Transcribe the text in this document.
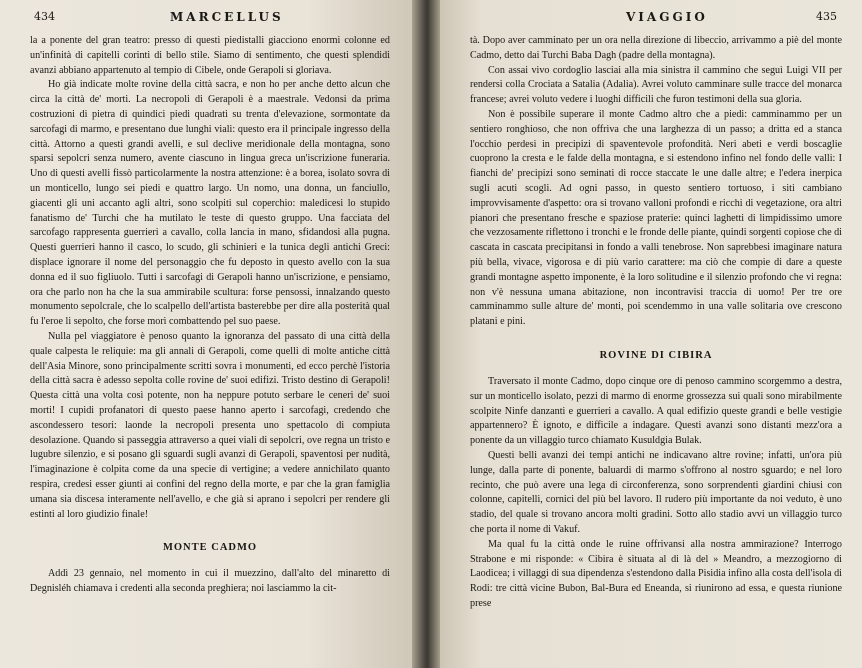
434	MARCELLUS

la a ponente del gran teatro: presso di questi piedistalli giacciono enormi colonne ed un'infinità di capitelli corinti di bello stile. Siamo di sentimento, che questi splendidi avanzi abbiano appartenuto al tempio di Cibele, onde Gerapoli si gloriava.

Ho già indicate molte rovine della città sacra, e non ho per anche detto alcun che circa la città de' morti. La necropoli di Gerapoli è a maestrale. Vedonsi da prima costruzioni di pietra di quindici piedi quadrati su trenta d'elevazione, sormontate da sarcofagi di marmo, e presentano due lunghi viali: questo era il principale ingresso della città. Attorno a questi grandi avelli, e sul declive meridionale della montagna, sono sparsi sepolcri senza numero, avente ciascuno in lingua greca un'iscrizione funeraria. Uno di questi avelli fissò particolarmente la nostra attenzione: è a borea, isolato sovra di un monticello, lungo sei piedi e quattro largo. Un nomo, una donna, un fanciullo, giacenti gli uni accanto agli altri, sono scolpiti sul coperchio: maledicesi lo stupido fanatismo de' Turchi che ha mutilato le teste di questo gruppo. Una facciata del sarcofago rappresenta guerrieri a cavallo, colla lancia in mano, sfidandosi alla pugna. Questi guerrieri hanno il casco, lo scudo, gli schinieri e la tunica degli antichi Greci: displace ignorare il nome del personaggio che fu deposto in questo avello con la sua donna ed il suo figliuolo. Tutti i sarcofagi di Gerapoli hanno un'iscrizione, e pensiamo, ora che parlo non ha che la sua ammirabile scultura: forse pensossi, innalzando questo monumento sepolcrale, che lo scalpello dell'artista basterebbe per dire alla posterità qual fu l'eroe li sepolto, che forse morì combattendo pel suo paese.

Nulla pel viaggiatore è penoso quanto la ignoranza del passato di una città della quale calpesta le reliquie: ma gli annali di Gerapoli, come quelli di molte antiche città dell'Asia Minore, sono principalmente scritti sovra i monumenti, ed ecco perchè l'istoria della città sacra è adesso sepolta colle rovine de' suoi edifizi. Tristo destino di Gerapoli! Questa città una volta così potente, non ha neppure potuto serbare le ceneri de' suoi morti! I cupidi profanatori di questo paese hanno aperto i sarcofagi, credendo che ascondessero tesori: laonde la necropoli presenta uno spettacolo di compiuta desolazione. Quando si passeggia attraverso a quei viali di sepolcri, ove regna un tristo e lugubre silenzio, e si posano gli sguardi sugli avanzi di Gerapoli, spaventosi per nudità, l'imaginazione è colpita come da una specie di vertigine; a vedere annichilato quanto respira, credesi esser giunti ai confini del regno della morte, e par che la gran famiglia umana sia discesa interamente nell'avello, e che già si aprano i sepolcri per rendere gli estinti al loro giudizio finale!

MONTE CADMO

Addì 23 gennaio, nel momento in cui il muezzino, dall'alto del minaretto di Degnisléh chiamava i credenti alla seconda preghiera; noi lasciammo la cit-

VIAGGIO	435

tà. Dopo aver camminato per un ora nella direzione di libeccio, arrivammo a piè del monte Cadmo, detto dai Turchi Baba Dagh (padre della montagna).

Con assai vivo cordoglio lasciai alla mia sinistra il cammino che seguì Luigi VII per rendersi colla Crociata a Satalia (Adalia). Avrei voluto camminare sulle tracce del monarca francese; avrei voluto vedere i luoghi difficili che furon testimoni della sua gloria.

Non è possibile superare il monte Cadmo altro che a piedi: camminammo per un sentiero ronghioso, che non offriva che una larghezza di un passo; a dritta ed a stanca l'occhio perdesi in precipizi di spaventevole profondità. Neri abeti e verdi boscaglie cuoprono la cresta e le falde della montagna, e si estendono infino nel fondo delle valli: I fianchi de' precipizi sono seminati di rocce staccate le une dalle altre; e l'edera inerpica sugli acuti scogli. Ad ogni passo, in questo sentiero tortuoso, i siti cambiano improvvisamente d'aspetto: ora si trovano valloni profondi e ricchi di vegetazione, ora altri pianori che presentano fresche e spaziose praterie: quinci laghetti di limpidissimo umore che vezzosamente riflettono i tronchi e le fronde delle piante, quindi sorgenti copiose che di cascata in cascata precipitansi in fondo a valli tenebrose. Non saprebbesi imaginare natura più bella, vivace, vigorosa e di più vario carattere: ma ciò che compie di dare a queste grandi montagne aspetto imponente, è la loro solitudine e il silenzio profondo che vi regna: non v'è nessuna umana abitazione, non incontravisi traccia di uomo! Per tre ore camminammo sulle alture de' monti, poi scendemmo in una valle solitaria ove crescono platani e pini.

ROVINE DI CIBIRA

Traversato il monte Cadmo, dopo cinque ore di penoso cammino scorgemmo a destra, sur un monticello isolato, pezzi di marmo di enorme grossezza sui quali sono mirabilmente scolpite Ninfe danzanti e guerrieri a cavallo. A qual edifizio queste grandi e belle vestigie appartennero? È ignoto, e difficile a indagare. Questi avanzi sono distanti mezz'ora a ponente da un villaggio turco chiamato Kusuldgia Bulak.

Questi belli avanzi dei tempi antichi ne indicavano altre rovine; infatti, un'ora più lunge, dalla parte di ponente, baluardi di marmo s'offrono al nostro sguardo; e nel loro recinto, che può avere una lega di circonferenza, sono sorprendenti giardini chiusi con colonne, capitelli, cornici del più bel lavoro. Il rudero più importante da noi veduto, è uno stadio, del quale si trovano ancora molti gradini. Sotto allo stadio avvi un villaggio turco che porta il nome di Vakuf.

Ma qual fu la città onde le ruine offrivansi alla nostra ammirazione? Interrogo Strabone e mi risponde: « Cibira è situata al di là del » Meandro, a mezzogiorno di Laodicea; i villaggi di sua dipendenza s'estendono dalla Pisidia infino alla costa dell'isola di Rodi: tre città vicine Bubon, Bal-Bura ed Eneanda, si riunirono ad essa, e questa riunione prese
